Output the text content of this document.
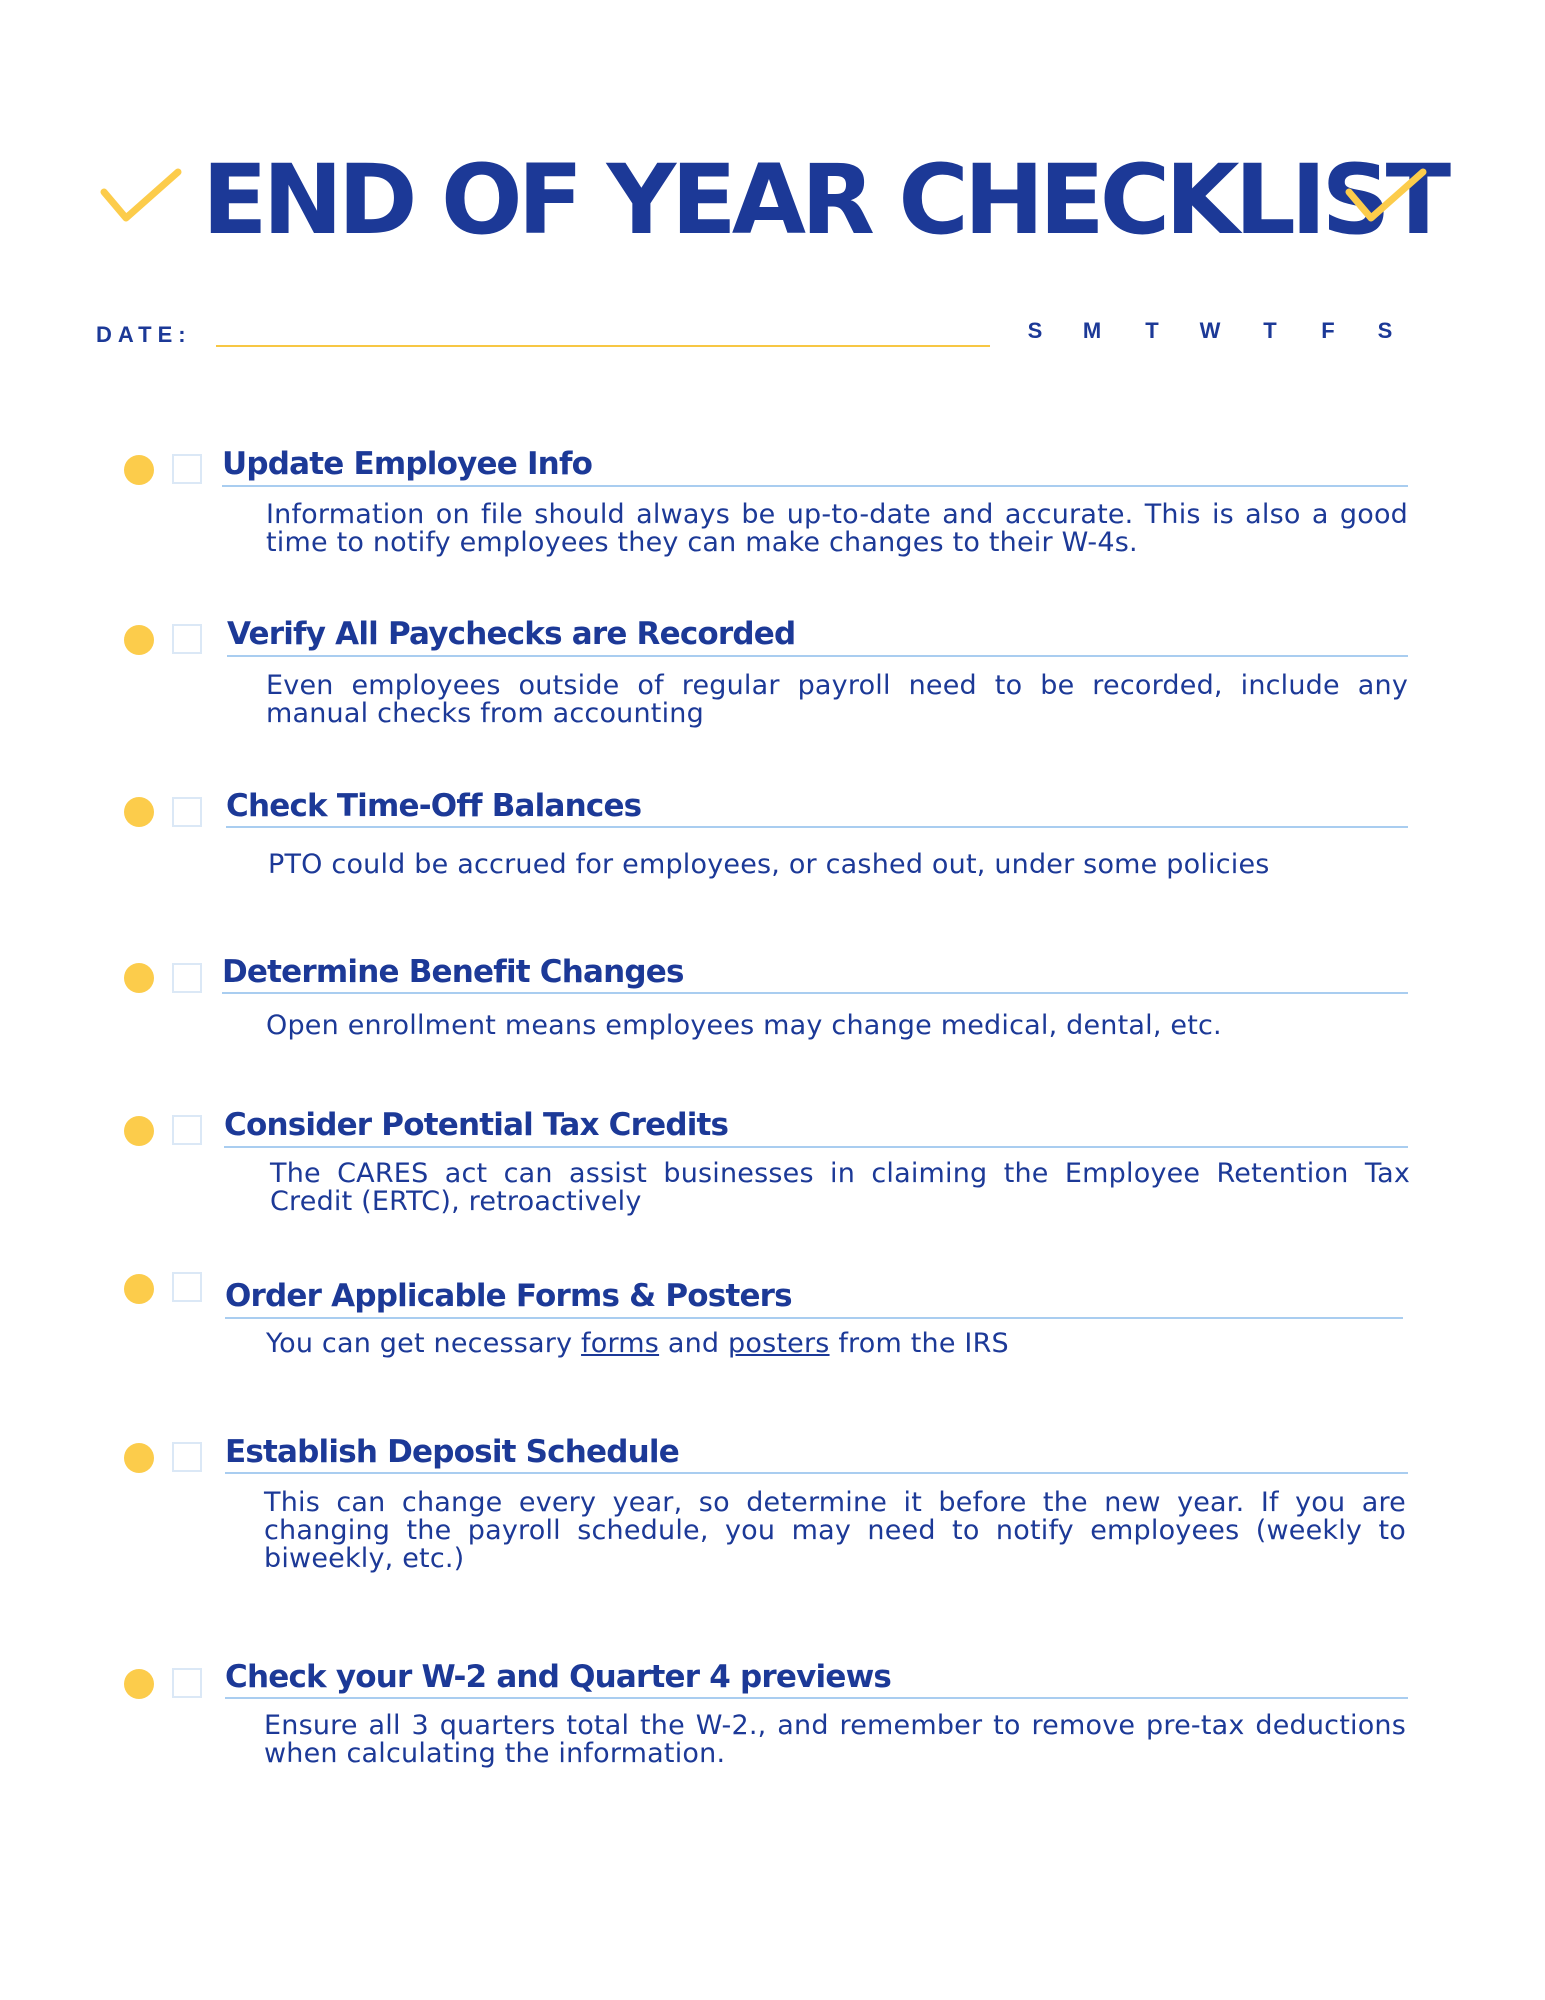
END OF YEAR CHECKLIST
DATE:	S	M	T	W	T	F	S
Update Employee Info
Information on file should always be up-to-date and accurate. This is also a good time to notify employees they can make changes to their W-4s.
Verify All Paychecks are Recorded
Even employees outside of regular payroll need to be recorded, include any manual checks from accounting
Check Time-Off Balances
PTO could be accrued for employees, or cashed out, under some policies
Determine Benefit Changes
Open enrollment means employees may change medical, dental, etc.
Consider Potential Tax Credits
The CARES act can assist businesses in claiming the Employee Retention Tax Credit (ERTC), retroactively
Order Applicable Forms & Posters
You can get necessary forms and posters from the IRS
Establish Deposit Schedule
This can change every year, so determine it before the new year. If you are changing the payroll schedule, you may need to notify employees (weekly to biweekly, etc.)
Check your W-2 and Quarter 4 previews
Ensure all 3 quarters total the W-2., and remember to remove pre-tax deductions when calculating the information.
